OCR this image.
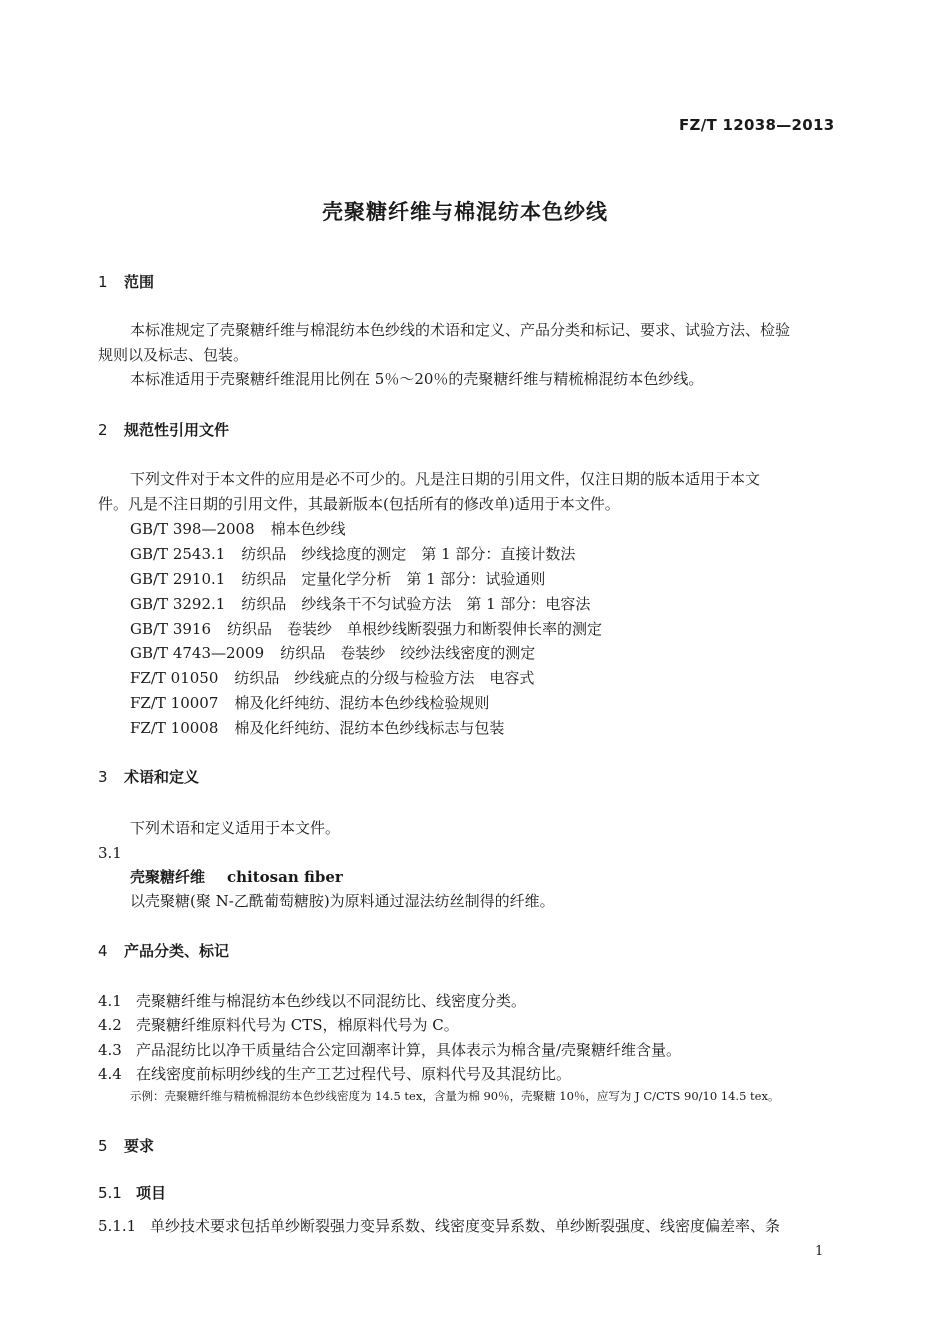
FZ/T 12038—2013
壳聚糖纤维与棉混纺本色纱线
1 范围
本标准规定了壳聚糖纤维与棉混纺本色纱线的术语和定义、产品分类和标记、要求、试验方法、检验
规则以及标志、包装。
本标准适用于壳聚糖纤维混用比例在 5％～20％的壳聚糖纤维与精梳棉混纺本色纱线。
2 规范性引用文件
下列文件对于本文件的应用是必不可少的。凡是注日期的引用文件，仅注日期的版本适用于本文
件。凡是不注日期的引用文件，其最新版本(包括所有的修改单)适用于本文件。
GB/T 398—2008 棉本色纱线
GB/T 2543.1 纺织品　纱线捻度的测定　第 1 部分：直接计数法
GB/T 2910.1 纺织品　定量化学分析　第 1 部分：试验通则
GB/T 3292.1 纺织品　纱线条干不匀试验方法　第 1 部分：电容法
GB/T 3916 纺织品　卷装纱　单根纱线断裂强力和断裂伸长率的测定
GB/T 4743—2009 纺织品　卷装纱　绞纱法线密度的测定
FZ/T 01050 纺织品　纱线疵点的分级与检验方法　电容式
FZ/T 10007 棉及化纤纯纺、混纺本色纱线检验规则
FZ/T 10008 棉及化纤纯纺、混纺本色纱线标志与包装
3 术语和定义
下列术语和定义适用于本文件。
3.1
壳聚糖纤维 chitosan fiber
以壳聚糖(聚 N-乙酰葡萄糖胺)为原料通过湿法纺丝制得的纤维。
4 产品分类、标记
4.1 壳聚糖纤维与棉混纺本色纱线以不同混纺比、线密度分类。
4.2 壳聚糖纤维原料代号为 CTS，棉原料代号为 C。
4.3 产品混纺比以净干质量结合公定回潮率计算，具体表示为棉含量/壳聚糖纤维含量。
4.4 在线密度前标明纱线的生产工艺过程代号、原料代号及其混纺比。
示例：壳聚糖纤维与精梳棉混纺本色纱线密度为 14.5 tex，含量为棉 90％，壳聚糖 10％，应写为 J C/CTS 90/10 14.5 tex。
5 要求
5.1 项目
5.1.1 单纱技术要求包括单纱断裂强力变异系数、线密度变异系数、单纱断裂强度、线密度偏差率、条
1
